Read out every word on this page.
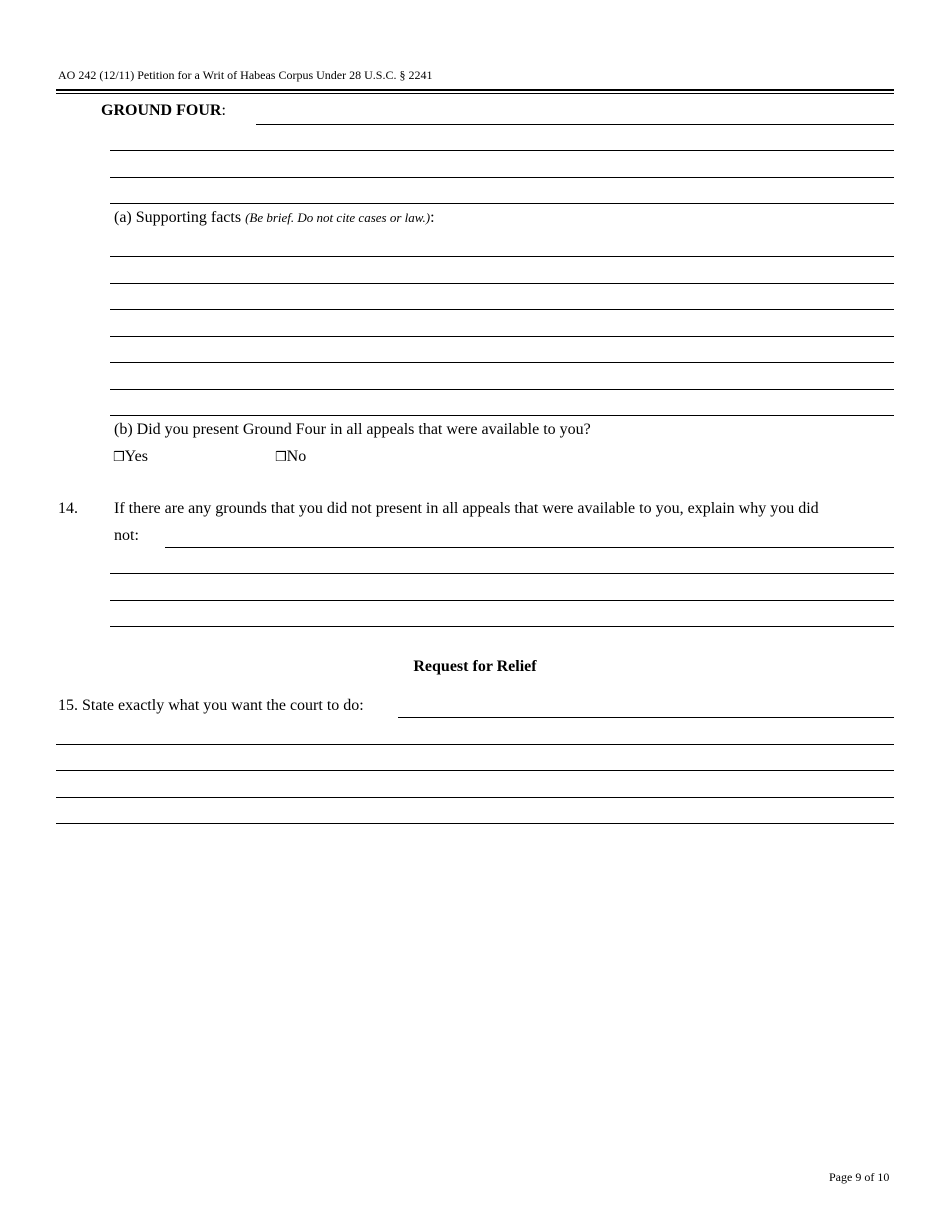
AO 242 (12/11) Petition for a Writ of Habeas Corpus Under 28 U.S.C. § 2241
GROUND FOUR:
(a) Supporting facts (Be brief. Do not cite cases or law.):
(b) Did you present Ground Four in all appeals that were available to you?
❒Yes	❒No
14. If there are any grounds that you did not present in all appeals that were available to you, explain why you did
not:
Request for Relief
15. State exactly what you want the court to do:
Page 9 of 10
